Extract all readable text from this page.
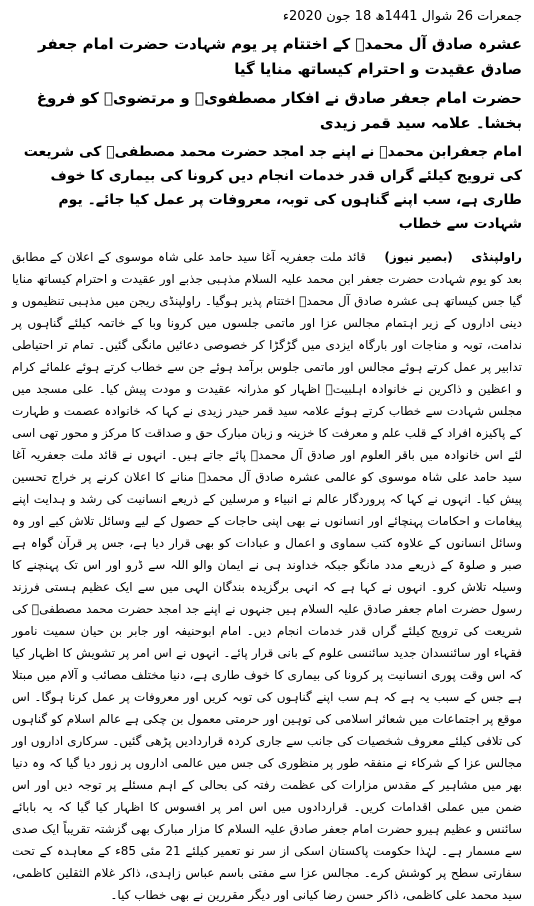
جمعرات 26 شوال 1441ھ 18 جون 2020ء

عشرہ صادق آل محمدؑ کے اختتام پر یوم شہادت حضرت امام جعفر صادق عقیدت و احترام کیساتھ منایا گیا

حضرت امام جعفر صادق نے افکار مصطفویؐ و مرتضویؑ کو فروغ بخشا۔ علامہ سید قمر زیدی

امام جعفرابن محمدؑ نے اپنے جد امجد حضرت محمد مصطفیؐ کی شریعت کی ترویج کیلئے گراں قدر خدمات انجام دیں کرونا کی بیماری کا خوف طاری ہے، سب اپنے گناہوں کی توبہ، معروفات پر عمل کیا جائے۔ یوم شہادت سے خطاب

راولپنڈی (بصیر نیوز) قائد ملت جعفریہ آغا سید حامد علی شاہ موسوی کے اعلان کے مطابق بعد کو یوم شہادت حضرت جعفر ابن محمد علیہ السلام مذہبی جذبے اور عقیدت و احترام کیساتھ منایا گیا جس کیساتھ ہی عشرہ صادق آل محمدؑ اختتام پذیر ہوگیا۔ راولپنڈی ریجن میں مذہبی تنظیموں و دینی اداروں کے زیر اہتمام مجالس عزا اور ماتمی جلسوں میں کرونا وبا کے خاتمہ کیلئے گناہوں پر ندامت، توبہ و مناجات اور بارگاہ ایزدی میں گڑگڑا کر خصوصی دعائیں مانگی گئیں۔ تمام تر احتیاطی تدابیر پر عمل کرتے ہوئے مجالس اور ماتمی جلوس برآمد ہوئے جن سے خطاب کرتے ہوئے علمائے کرام و اعظین و ذاکرین نے خانوادہ اہلبیتؑ اظہار کو مذرانہ عقیدت و مودت پیش کیا۔ علی مسجد میں مجلس شہادت سے خطاب کرتے ہوئے علامہ سید قمر حیدر زیدی نے کہا کہ خانوادہ عصمت و طہارت کے پاکیزہ افراد کے قلب علم و معرفت کا خزینہ و زبان مبارک حق و صداقت کا مرکز و محور تھی اسی لئے اس خانوادہ میں باقر العلوم اور صادق آل محمدؑ پائے جاتے ہیں۔ انہوں نے قائد ملت جعفریہ آغا سید حامد علی شاہ موسوی کو عالمی عشرہ صادق آل محمدؑ منانے کا اعلان کرنے پر خراج تحسین پیش کیا۔ انہوں نے کہا کہ پروردگار عالم نے انبیاء و مرسلین کے ذریعے انسانیت کی رشد و ہدایت اپنے پیغامات و احکامات پہنچائے اور انسانوں نے بھی اپنی حاجات کے حصول کے لیے وسائل تلاش کیے اور وہ وسائل انسانوں کے علاوہ کتب سماوی و اعمال و عبادات کو بھی قرار دیا ہے، جس پر قرآن گواہ ہے صبر و صلوۃ کے ذریعے مدد مانگو جبکہ خداوند ہی نے ایمان والو اللہ سے ڈرو اور اس تک پہنچنے کا وسیلہ تلاش کرو۔ انہوں نے کہا ہے کہ انہی برگزیدہ بندگان الہی میں سے ایک عظیم ہستی فرزند رسول حضرت امام جعفر صادق علیہ السلام ہیں جنہوں نے اپنے جد امجد حضرت محمد مصطفیؐ کی شریعت کی ترویج کیلئے گراں قدر خدمات انجام دیں۔ امام ابوحنیفہ اور جابر بن حیان سمیت نامور فقہاء اور سائنسدان جدید سائنسی علوم کے بانی قرار پائے۔ انہوں نے اس امر پر تشویش کا اظہار کیا کہ اس وقت پوری انسانیت پر کرونا کی بیماری کا خوف طاری ہے، دنیا مختلف مصائب و آلام میں مبتلا ہے جس کے سبب یہ ہے کہ ہم سب اپنے گناہوں کی توبہ کریں اور معروفات پر عمل کرنا ہوگا۔ اس موقع پر اجتماعات میں شعائر اسلامی کی توہین اور حرمتی معمول بن چکی ہے عالم اسلام کو گناہوں کی تلافی کیلئے معروف شخصیات کی جانب سے جاری کردہ قراردادیں پڑھی گئیں۔ سرکاری اداروں اور مجالس عزا کے شرکاء نے منفقہ طور پر منظوری کی جس میں عالمی اداروں پر زور دیا گیا کہ وہ دنیا بھر میں مشاہیر کے مقدس مزارات کی عظمت رفتہ کی بحالی کے اہم مسئلے پر توجہ دیں اور اس ضمن میں عملی اقدامات کریں۔ قراردادوں میں اس امر پر افسوس کا اظہار کیا گیا کہ یہ بابائے سائنس و عظیم ہیرو حضرت امام جعفر صادق علیہ السلام کا مزار مبارک بھی گزشتہ تقریباً ایک صدی سے مسمار ہے۔ لہٰذا حکومت پاکستان اسکی از سر نو تعمیر کیلئے 21 مئی 85ء کے معاہدہ کے تحت سفارتی سطح پر کوشش کرے۔ مجالس عزا سے مفتی باسم عباس زاہدی، ذاکر غلام الثقلین کاظمی، سید محمد علی کاظمی، ذاکر حسن رضا کیانی اور دیگر مقررین نے بھی خطاب کیا۔
